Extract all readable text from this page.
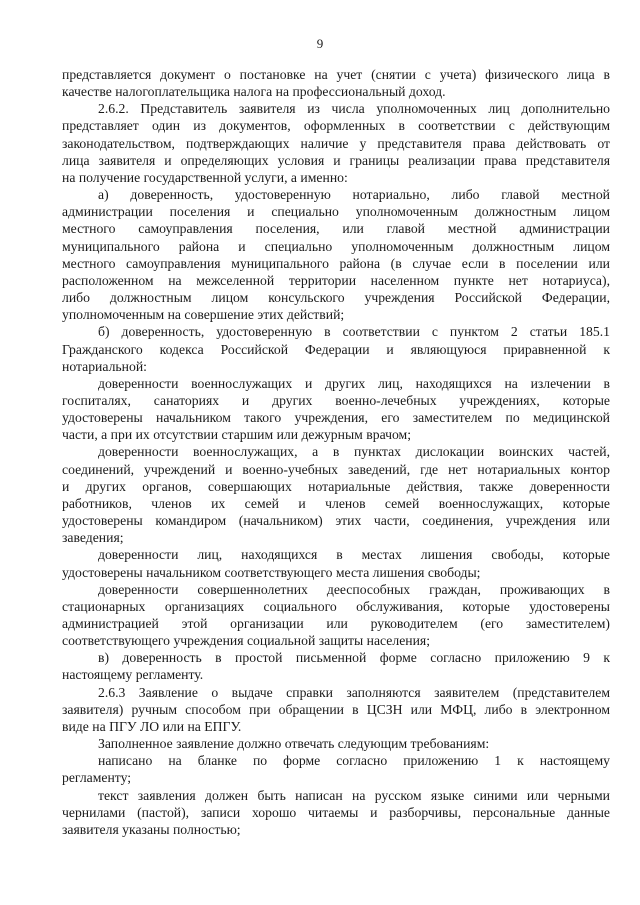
9
представляется документ о постановке на учет (снятии с учета) физического лица в
качестве налогоплательщика налога на профессиональный доход.
2.6.2. Представитель заявителя из числа уполномоченных лиц дополнительно
представляет один из документов, оформленных в соответствии с действующим
законодательством, подтверждающих наличие у представителя права действовать от
лица заявителя и определяющих условия и границы реализации права представителя
на получение государственной услуги, а именно:
а) доверенность, удостоверенную нотариально, либо главой местной
администрации поселения и специально уполномоченным должностным лицом
местного самоуправления поселения, или главой местной администрации
муниципального района и специально уполномоченным должностным лицом
местного самоуправления муниципального района (в случае если в поселении или
расположенном на межселенной территории населенном пункте нет нотариуса),
либо должностным лицом консульского учреждения Российской Федерации,
уполномоченным на совершение этих действий;
б) доверенность, удостоверенную в соответствии с пунктом 2 статьи 185.1
Гражданского кодекса Российской Федерации и являющуюся приравненной к
нотариальной:
доверенности военнослужащих и других лиц, находящихся на излечении в
госпиталях, санаториях и других военно-лечебных учреждениях, которые
удостоверены начальником такого учреждения, его заместителем по медицинской
части, а при их отсутствии старшим или дежурным врачом;
доверенности военнослужащих, а в пунктах дислокации воинских частей,
соединений, учреждений и военно-учебных заведений, где нет нотариальных контор
и других органов, совершающих нотариальные действия, также доверенности
работников, членов их семей и членов семей военнослужащих, которые
удостоверены командиром (начальником) этих части, соединения, учреждения или
заведения;
доверенности лиц, находящихся в местах лишения свободы, которые
удостоверены начальником соответствующего места лишения свободы;
доверенности совершеннолетних дееспособных граждан, проживающих в
стационарных организациях социального обслуживания, которые удостоверены
администрацией этой организации или руководителем (его заместителем)
соответствующего учреждения социальной защиты населения;
в) доверенность в простой письменной форме согласно приложению 9 к
настоящему регламенту.
2.6.3 Заявление о выдаче справки заполняются заявителем (представителем
заявителя) ручным способом при обращении в ЦСЗН или МФЦ, либо в электронном
виде на ПГУ ЛО или на ЕПГУ.
Заполненное заявление должно отвечать следующим требованиям:
написано на бланке по форме согласно приложению 1 к настоящему
регламенту;
текст заявления должен быть написан на русском языке синими или черными
чернилами (пастой), записи хорошо читаемы и разборчивы, персональные данные
заявителя указаны полностью;
